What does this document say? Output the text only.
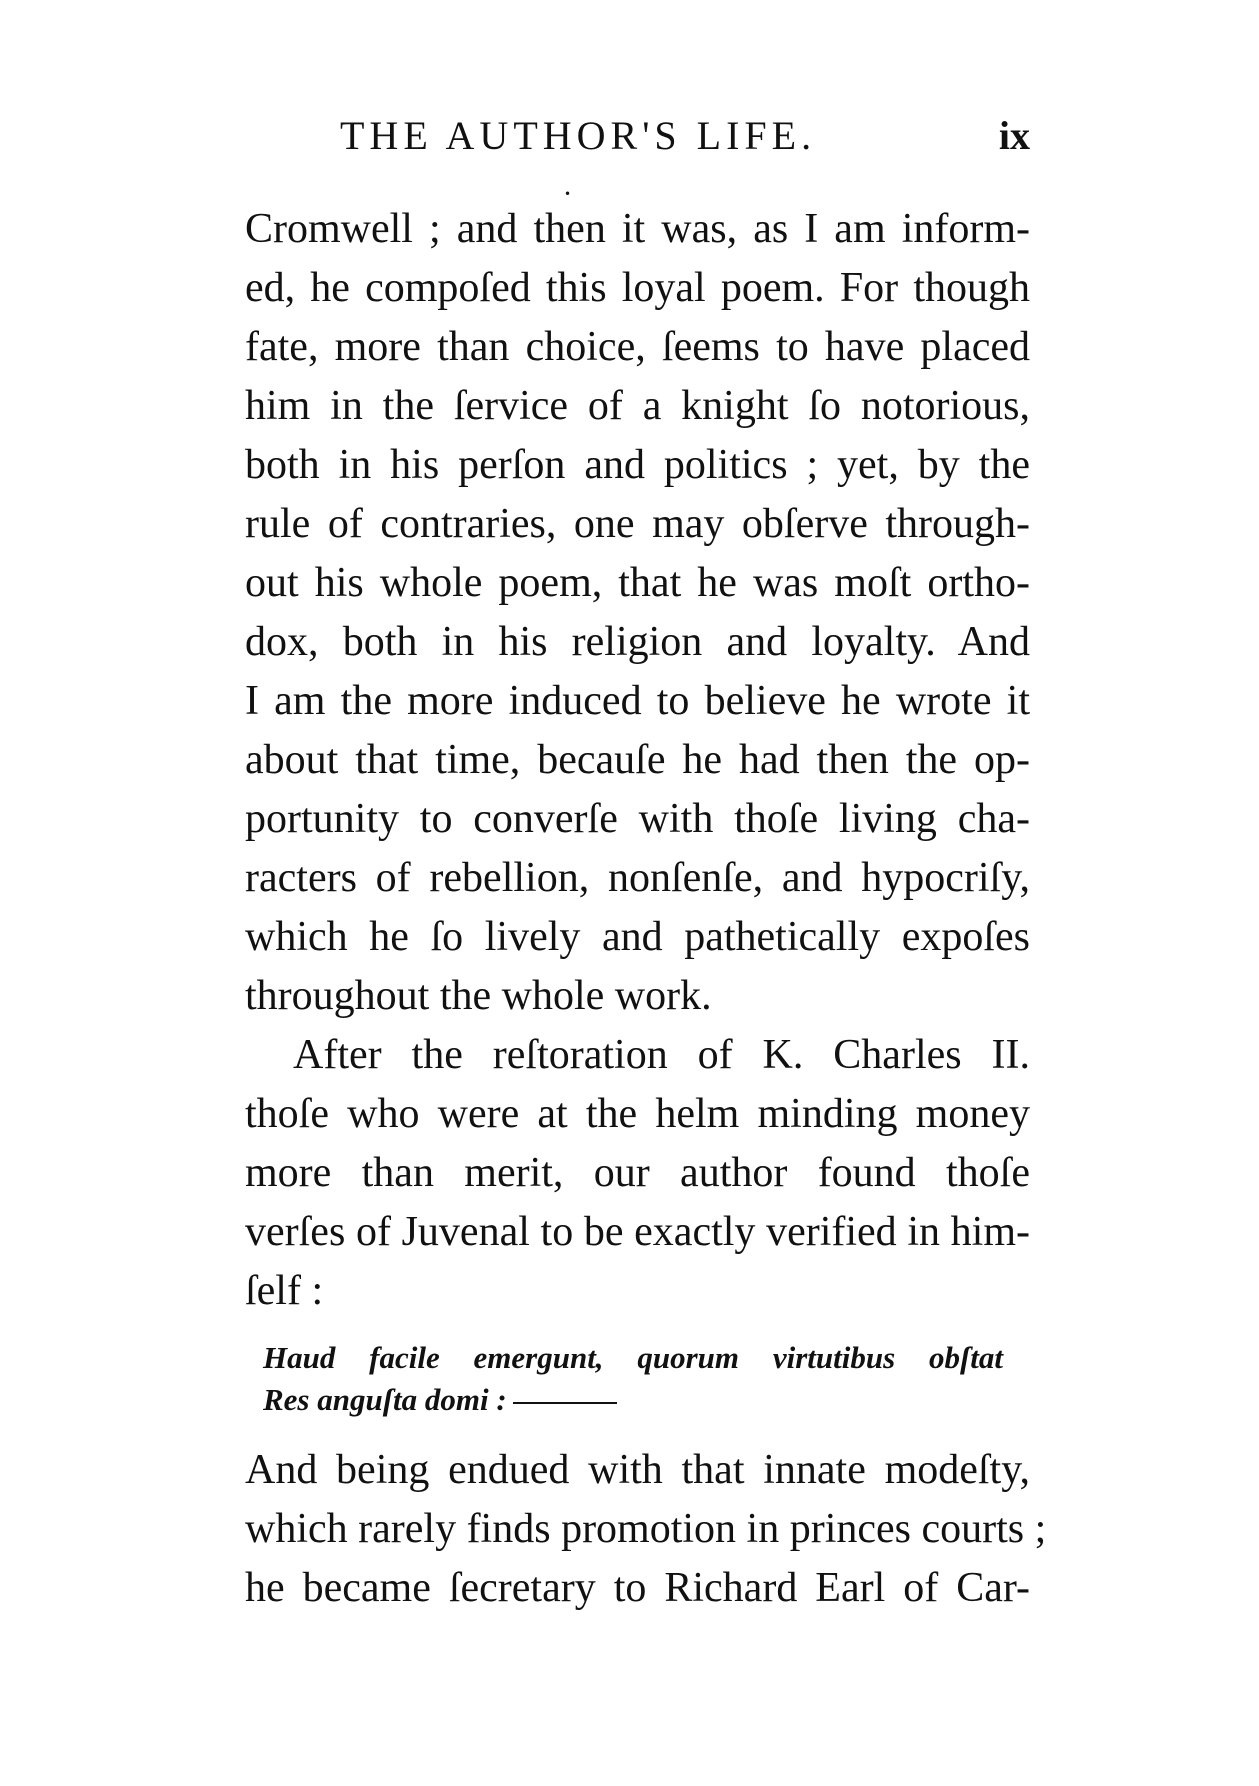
THE AUTHOR'S LIFE.	ix
•
Cromwell ; and then it was, as I am inform-
ed, he compoſed this loyal poem. For though
fate, more than choice, ſeems to have placed
him in the ſervice of a knight ſo notorious,
both in his perſon and politics ; yet, by the
rule of contraries, one may obſerve through-
out his whole poem, that he was moſt ortho-
dox, both in his religion and loyalty. And
I am the more induced to believe he wrote it
about that time, becauſe he had then the op-
portunity to converſe with thoſe living cha-
racters of rebellion, nonſenſe, and hypocriſy,
which he ſo lively and pathetically expoſes
throughout the whole work.
After the reſtoration of K. Charles II.
thoſe who were at the helm minding money
more than merit, our author found thoſe
verſes of Juvenal to be exactly verified in him-
ſelf :
Haud facile emergunt, quorum virtutibus obſtat
Res anguſta domi :
And being endued with that innate modeſty,
which rarely finds promotion in princes courts ;
he became ſecretary to Richard Earl of Car-
